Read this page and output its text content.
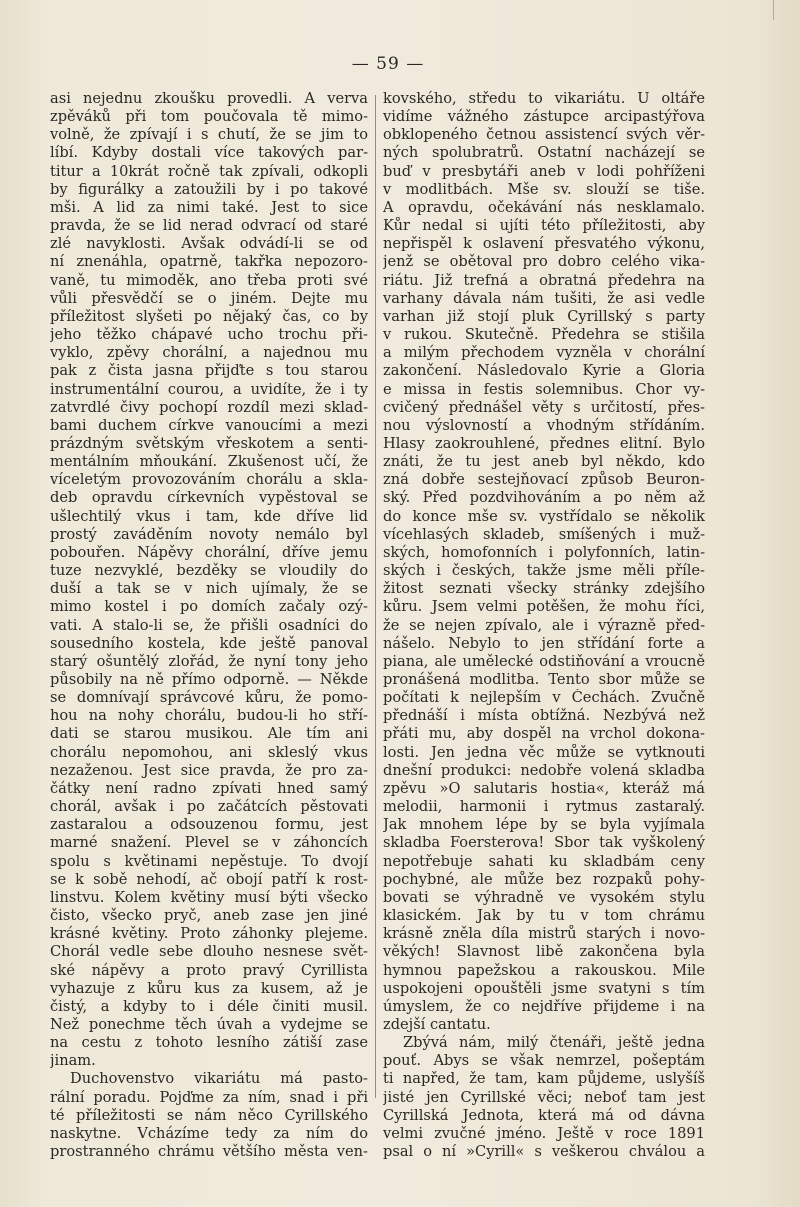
— 59 —
asi nejednu zkoušku provedli. A verva
zpěváků při tom poučovala tě mimo-
volně, že zpívají i s chutí, že se jim to
líbí. Kdyby dostali více takových par-
titur a 10krát ročně tak zpívali, odkopli
by figurálky a zatoužili by i po takové
mši. A lid za nimi také. Jest to sice
pravda, že se lid nerad odvrací od staré
zlé navyklosti. Avšak odvádí-li se od
ní znenáhla, opatrně, takřka nepozoro-
vaně, tu mimoděk, ano třeba proti své
vůli přesvědčí se o jiném. Dejte mu
příležitost slyšeti po nějaký čas, co by
jeho těžko chápavé ucho trochu při-
vyklo, zpěvy chorální, a najednou mu
pak z čista jasna přijďte s tou starou
instrumentální courou, a uvidíte, že i ty
zatvrdlé čivy pochopí rozdíl mezi sklad-
bami duchem církve vanoucími a mezi
prázdným světským vřeskotem a senti-
mentálním mňoukání. Zkušenost učí, že
víceletým provozováním chorálu a skla-
deb opravdu církevních vypěstoval se
ušlechtilý vkus i tam, kde dříve lid
prostý zaváděním novoty nemálo byl
pobouřen. Nápěvy chorální, dříve jemu
tuze nezvyklé, bezděky se vloudily do
duší a tak se v nich ujímaly, že se
mimo kostel i po domích začaly ozý-
vati. A stalo-li se, že přišli osadníci do
sousedního kostela, kde ještě panoval
starý ošuntělý zlořád, že nyní tony jeho
působily na ně přímo odporně. — Někde
se domnívají správcové kůru, že pomo-
hou na nohy chorálu, budou-li ho stří-
dati se starou musikou. Ale tím ani
chorálu nepomohou, ani skleslý vkus
nezaženou. Jest sice pravda, že pro za-
čátky není radno zpívati hned samý
chorál, avšak i po začátcích pěstovati
zastaralou a odsouzenou formu, jest
marné snažení. Plevel se v záhoncích
spolu s květinami nepěstuje. To dvojí
se k sobě nehodí, ač obojí patří k rost-
linstvu. Kolem květiny musí býti všecko
čisto, všecko pryč, aneb zase jen jiné
krásné květiny. Proto záhonky plejeme.
Chorál vedle sebe dlouho nesnese svět-
ské nápěvy a proto pravý Cyrillista
vyhazuje z kůru kus za kusem, až je
čistý, a kdyby to i déle činiti musil.
Než ponechme těch úvah a vydejme se
na cestu z tohoto lesního zátiší zase
jinam.
Duchovenstvo vikariátu má pasto-
rální poradu. Pojďme za ním, snad i při
té příležitosti se nám něco Cyrillského
naskytne. Vcházíme tedy za ním do
prostranného chrámu většího města ven-
kovského, středu to vikariátu. U oltáře
vidíme vážného zástupce arcipastýřova
obklopeného četnou assistencí svých věr-
ných spolubratrů. Ostatní nacházejí se
buď v presbytáři aneb v lodi pohříženi
v modlitbách. Mše sv. slouží se tiše.
A opravdu, očekávání nás nesklamalo.
Kůr nedal si ujíti této příležitosti, aby
nepřispěl k oslavení přesvatého výkonu,
jenž se obětoval pro dobro celého vika-
riátu. Již trefná a obratná předehra na
varhany dávala nám tušiti, že asi vedle
varhan již stojí pluk Cyrillský s party
v rukou. Skutečně. Předehra se stišila
a milým přechodem vyzněla v chorální
zakončení. Následovalo Kyrie a Gloria
e missa in festis solemnibus. Chor vy-
cvičený přednášel věty s určitostí, přes-
nou výslovností a vhodným střídáním.
Hlasy zaokrouhlené, přednes elitní. Bylo
znáti, že tu jest aneb byl někdo, kdo
zná dobře sestejňovací způsob Beuron-
ský. Před pozdvihováním a po něm až
do konce mše sv. vystřídalo se několik
vícehlasých skladeb, smíšených i muž-
ských, homofonních i polyfonních, latin-
ských i českých, takže jsme měli příle-
žitost seznati všecky stránky zdejšího
kůru. Jsem velmi potěšen, že mohu říci,
že se nejen zpívalo, ale i výrazně před-
nášelo. Nebylo to jen střídání forte a
piana, ale umělecké odstiňování a vroucně
pronášená modlitba. Tento sbor může se
počítati k nejlepším v Čechách. Zvučně
přednáší i místa obtížná. Nezbývá než
přáti mu, aby dospěl na vrchol dokona-
losti. Jen jedna věc může se vytknouti
dnešní produkci: nedobře volená skladba
zpěvu »O salutaris hostia«, kteráž má
melodii, harmonii i rytmus zastaralý.
Jak mnohem lépe by se byla vyjímala
skladba Foersterova! Sbor tak vyškolený
nepotřebuje sahati ku skladbám ceny
pochybné, ale může bez rozpaků pohy-
bovati se výhradně ve vysokém stylu
klasickém. Jak by tu v tom chrámu
krásně zněla díla mistrů starých i novo-
věkých! Slavnost libě zakončena byla
hymnou papežskou a rakouskou. Mile
uspokojeni opouštěli jsme svatyni s tím
úmyslem, že co nejdříve přijdeme i na
zdejší cantatu.
Zbývá nám, milý čtenáři, ještě jedna
pouť. Abys se však nemrzel, pošeptám
ti napřed, že tam, kam půjdeme, uslyšíš
jisté jen Cyrillské věci; neboť tam jest
Cyrillská Jednota, která má od dávna
velmi zvučné jméno. Ještě v roce 1891
psal o ní »Cyrill« s veškerou chválou a
